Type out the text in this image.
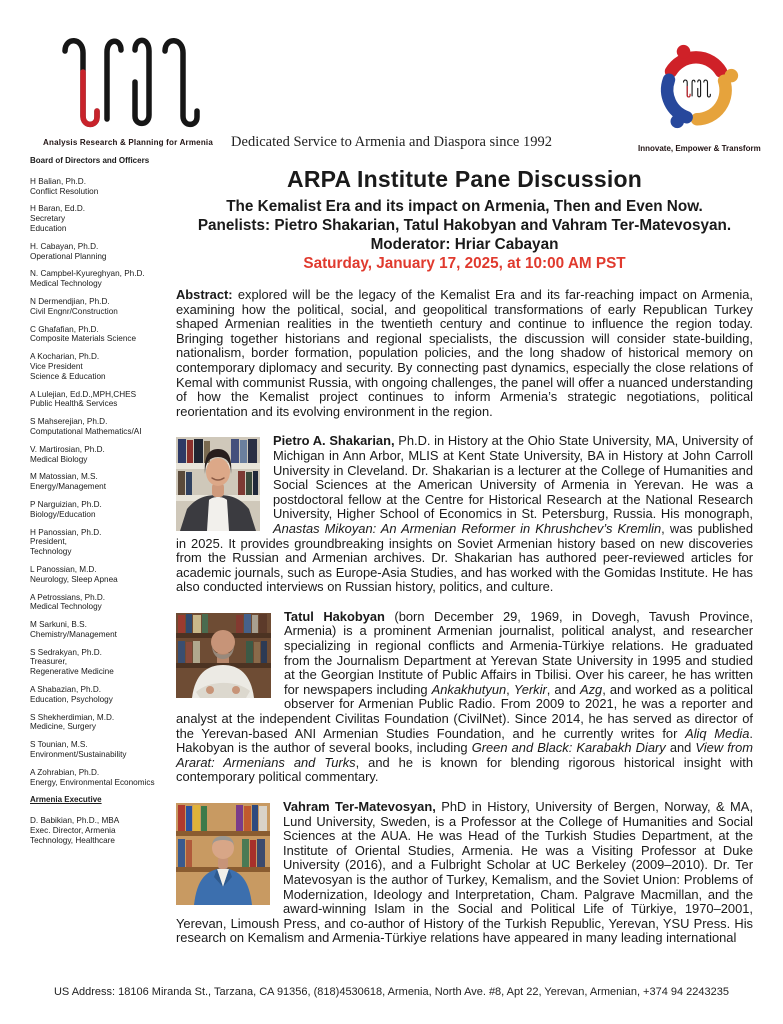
Analysis Research & Planning for Armenia	Dedicated Service to Armenia and Diaspora since 1992	Innovate, Empower & Transform
Board of Directors and Officers
H Balian, Ph.D.
Conflict Resolution
H Baran, Ed.D.
Secretary
Education
H. Cabayan, Ph.D.
Operational Planning
N. Campbel-Kyureghyan, Ph.D.
Medical Technology
N Dermendjian, Ph.D.
Civil Engnr/Construction
C Ghafafian, Ph.D.
Composite Materials Science
A Kocharian, Ph.D.
Vice President
Science & Education
A Lulejian, Ed.D.,MPH,CHES
Public Health& Services
S Mahserejian, Ph.D.
Computational Mathematics/AI
V. Martirosian, Ph.D.
Medical Biology
M Matossian, M.S.
Energy/Management
P Narguizian, Ph.D.
Biology/Education
H Panossian, Ph.D.
President,
Technology
L Panossian, M.D.
Neurology, Sleep Apnea
A Petrossians, Ph.D.
Medical Technology
M Sarkuni, B.S.
Chemistry/Management
S Sedrakyan, Ph.D.
Treasurer,
Regenerative Medicine
A Shabazian, Ph.D.
Education, Psychology
S Shekherdimian, M.D.
Medicine, Surgery
S Tounian, M.S.
Environment/Sustainability
A Zohrabian, Ph.D.
Energy, Environmental Economics
Armenia Executive
D. Babikian, Ph.D., MBA
Exec. Director, Armenia
Technology, Healthcare
ARPA Institute Pane Discussion
The Kemalist Era and its impact on Armenia, Then and Even Now.
Panelists: Pietro Shakarian, Tatul Hakobyan and Vahram Ter-Matevosyan.
Moderator: Hriar Cabayan
Saturday, January 17, 2025, at 10:00 AM PST

Abstract: explored will be the legacy of the Kemalist Era and its far-reaching impact on Armenia, examining how the political, social, and geopolitical transformations of early Republican Turkey shaped Armenian realities in the twentieth century and continue to influence the region today. Bringing together historians and regional specialists, the discussion will consider state-building, nationalism, border formation, population policies, and the long shadow of historical memory on contemporary diplomacy and security. By connecting past dynamics, especially the close relations of Kemal with communist Russia, with ongoing challenges, the panel will offer a nuanced understanding of how the Kemalist project continues to inform Armenia’s strategic negotiations, political reorientation and its evolving environment in the region.

Pietro A. Shakarian, Ph.D. in History at the Ohio State University, MA, University of Michigan in Ann Arbor, MLIS at Kent State University, BA in History at John Carroll University in Cleveland. Dr. Shakarian is a lecturer at the College of Humanities and Social Sciences at the American University of Armenia in Yerevan. He was a postdoctoral fellow at the Centre for Historical Research at the National Research University, Higher School of Economics in St. Petersburg, Russia. His monograph, Anastas Mikoyan: An Armenian Reformer in Khrushchev’s Kremlin, was published in 2025. It provides groundbreaking insights on Soviet Armenian history based on new discoveries from the Russian and Armenian archives. Dr. Shakarian has authored peer-reviewed articles for academic journals, such as Europe-Asia Studies, and has worked with the Gomidas Institute. He has also conducted interviews on Russian history, politics, and culture.

Tatul Hakobyan (born December 29, 1969, in Dovegh, Tavush Province, Armenia) is a prominent Armenian journalist, political analyst, and researcher specializing in regional conflicts and Armenia-Türkiye relations. He graduated from the Journalism Department at Yerevan State University in 1995 and studied at the Georgian Institute of Public Affairs in Tbilisi. Over his career, he has written for newspapers including Ankakhutyun, Yerkir, and Azg, and worked as a political observer for Armenian Public Radio. From 2009 to 2021, he was a reporter and analyst at the independent Civilitas Foundation (CivilNet). Since 2014, he has served as director of the Yerevan-based ANI Armenian Studies Foundation, and he currently writes for Aliq Media. Hakobyan is the author of several books, including Green and Black: Karabakh Diary and View from Ararat: Armenians and Turks, and he is known for blending rigorous historical insight with contemporary political commentary.

Vahram Ter-Matevosyan, PhD in History, University of Bergen, Norway, & MA, Lund University, Sweden, is a Professor at the College of Humanities and Social Sciences at the AUA. He was Head of the Turkish Studies Department, at the Institute of Oriental Studies, Armenia. He was a Visiting Professor at Duke University (2016), and a Fulbright Scholar at UC Berkeley (2009–2010). Dr. Ter Matevosyan is the author of Turkey, Kemalism, and the Soviet Union: Problems of Modernization, Ideology and Interpretation, Cham. Palgrave Macmillan, and the award-winning Islam in the Social and Political Life of Türkiye, 1970–2001, Yerevan, Limoush Press, and co-author of History of the Turkish Republic, Yerevan, YSU Press. His research on Kemalism and Armenia-Türkiye relations have appeared in many leading international

US Address: 18106 Miranda St., Tarzana, CA 91356, (818)4530618, Armenia, North Ave. #8, Apt 22, Yerevan, Armenian, +374 94 2243235
